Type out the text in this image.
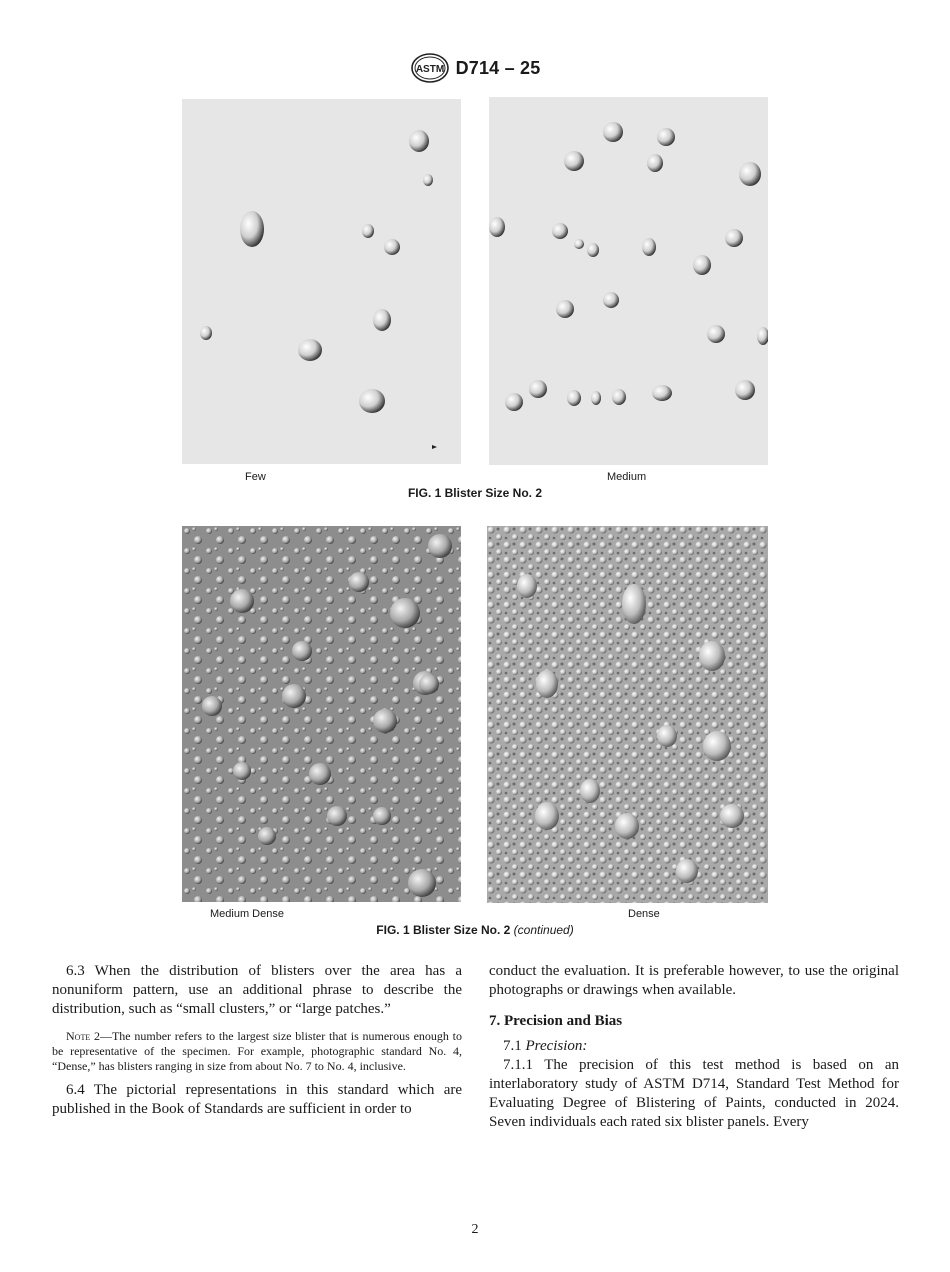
ASTM D714 – 25
Few	Medium
FIG. 1 Blister Size No. 2
Medium Dense	Dense
FIG. 1 Blister Size No. 2 (continued)

6.3 When the distribution of blisters over the area has a nonuniform pattern, use an additional phrase to describe the distribution, such as “small clusters,” or “large patches.”

Note 2—The number refers to the largest size blister that is numerous enough to be representative of the specimen. For example, photographic standard No. 4, “Dense,” has blisters ranging in size from about No. 7 to No. 4, inclusive.

6.4 The pictorial representations in this standard which are published in the Book of Standards are sufficient in order to

conduct the evaluation. It is preferable however, to use the original photographs or drawings when available.

7. Precision and Bias

7.1 Precision:

7.1.1 The precision of this test method is based on an interlaboratory study of ASTM D714, Standard Test Method for Evaluating Degree of Blistering of Paints, conducted in 2024. Seven individuals each rated six blister panels. Every

2
